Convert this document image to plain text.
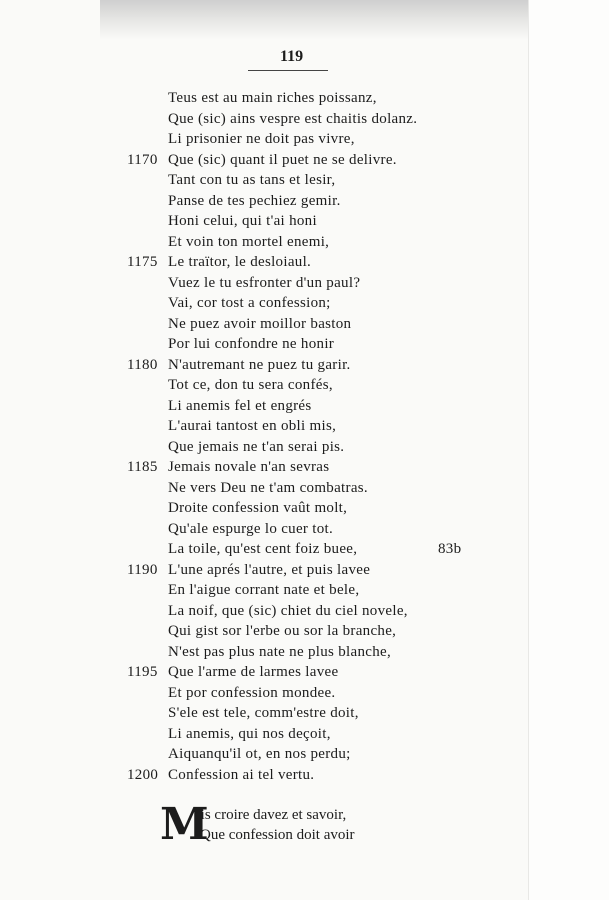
119
Teus est au main riches poissanz,
Que (sic) ains vespre est chaitis dolanz.
Li prisonier ne doit pas vivre,
1170 Que (sic) quant il puet ne se delivre.
Tant con tu as tans et lesir,
Panse de tes pechiez gemir.
Honi celui, qui t'ai honi
Et voin ton mortel enemi,
1175 Le traïtor, le desloiaul.
Vuez le tu esfronter d'un paul?
Vai, cor tost a confession;
Ne puez avoir moillor baston
Por lui confondre ne honir
1180 N'autremant ne puez tu garir.
Tot ce, don tu sera confés,
Li anemis fel et engrés
L'aurai tantost en obli mis,
Que jemais ne t'an serai pis.
1185 Jemais novale n'an sevras
Ne vers Deu ne t'am combatras.
Droite confession vaût molt,
Qu'ale espurge lo cuer tot.
La toile, qu'est cent foiz buee,	83b
1190 L'une aprés l'autre, et puis lavee
En l'aigue corrant nate et bele,
La noif, que (sic) chiet du ciel novele,
Qui gist sor l'erbe ou sor la branche,
N'est pas plus nate ne plus blanche,
1195 Que l'arme de larmes lavee
Et por confession mondee.
S'ele est tele, comm'estre doit,
Li anemis, qui nos deçoit,
Aiquanqu'il ot, en nos perdu;
1200 Confession ai tel vertu.
M
ais croire davez et savoir,
Que confession doit avoir
